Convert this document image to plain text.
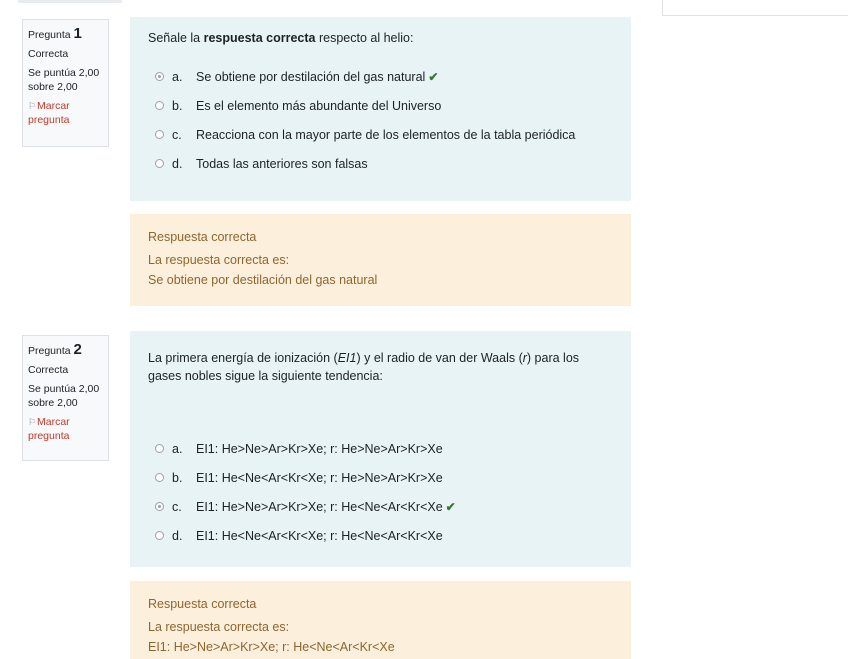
Pregunta 1
Correcta
Se puntúa 2,00 sobre 2,00
⚐Marcar pregunta
Señale la respuesta correcta respecto al helio:
a.	Se obtiene por destilación del gas natural ✔
b.	Es el elemento más abundante del Universo
c.	Reacciona con la mayor parte de los elementos de la tabla periódica
d.	Todas las anteriores son falsas
Respuesta correcta
La respuesta correcta es:
Se obtiene por destilación del gas natural
Pregunta 2
Correcta
Se puntúa 2,00 sobre 2,00
⚐Marcar pregunta
La primera energía de ionización (EI1) y el radio de van der Waals (r) para los gases nobles sigue la siguiente tendencia:
a.	EI1: He>Ne>Ar>Kr>Xe; r: He>Ne>Ar>Kr>Xe
b.	EI1: He<Ne<Ar<Kr<Xe; r: He>Ne>Ar>Kr>Xe
c.	EI1: He>Ne>Ar>Kr>Xe; r: He<Ne<Ar<Kr<Xe ✔
d.	EI1: He<Ne<Ar<Kr<Xe; r: He<Ne<Ar<Kr<Xe
Respuesta correcta
La respuesta correcta es:
EI1: He>Ne>Ar>Kr>Xe; r: He<Ne<Ar<Kr<Xe
